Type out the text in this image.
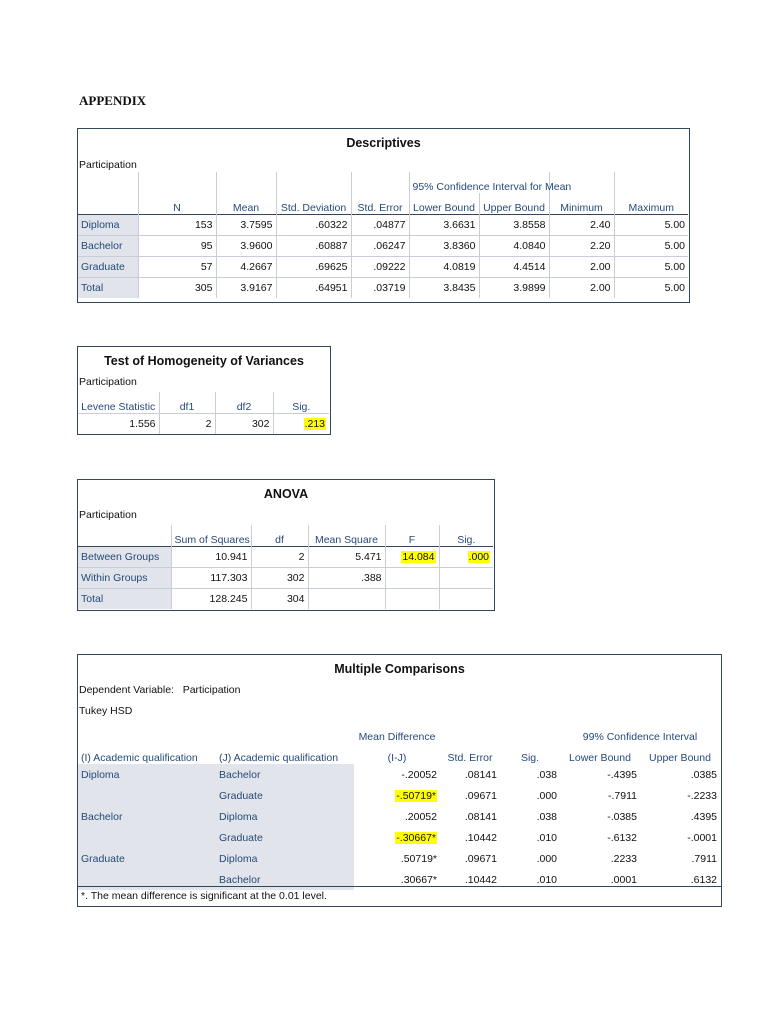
APPENDIX
Descriptives
Participation
					95% Confidence Interval for Mean			
	N	Mean	Std. Deviation	Std. Error	Lower Bound	Upper Bound	Minimum	Maximum
Diploma	153	3.7595	.60322	.04877	3.6631	3.8558	2.40	5.00
Bachelor	95	3.9600	.60887	.06247	3.8360	4.0840	2.20	5.00
Graduate	57	4.2667	.69625	.09222	4.0819	4.4514	2.00	5.00
Total	305	3.9167	.64951	.03719	3.8435	3.9899	2.00	5.00
Test of Homogeneity of Variances
Participation
Levene Statistic	df1	df2	Sig.
1.556	2	302	.213
ANOVA
Participation
	Sum of Squares	df	Mean Square	F	Sig.
Between Groups	10.941	2	5.471	14.084	.000
Within Groups	117.303	302	.388		
Total	128.245	304			
Multiple Comparisons
Dependent Variable:   Participation
Tukey HSD
		Mean Difference			99% Confidence Interval	
(I) Academic qualification	(J) Academic qualification	(I-J)	Std. Error	Sig.	Lower Bound	Upper Bound
Diploma	Bachelor	-.20052	.08141	.038	-.4395	.0385
	Graduate	-.50719*	.09671	.000	-.7911	-.2233
Bachelor	Diploma	.20052	.08141	.038	-.0385	.4395
	Graduate	-.30667*	.10442	.010	-.6132	-.0001
Graduate	Diploma	.50719*	.09671	.000	.2233	.7911
	Bachelor	.30667*	.10442	.010	.0001	.6132
*. The mean difference is significant at the 0.01 level.
